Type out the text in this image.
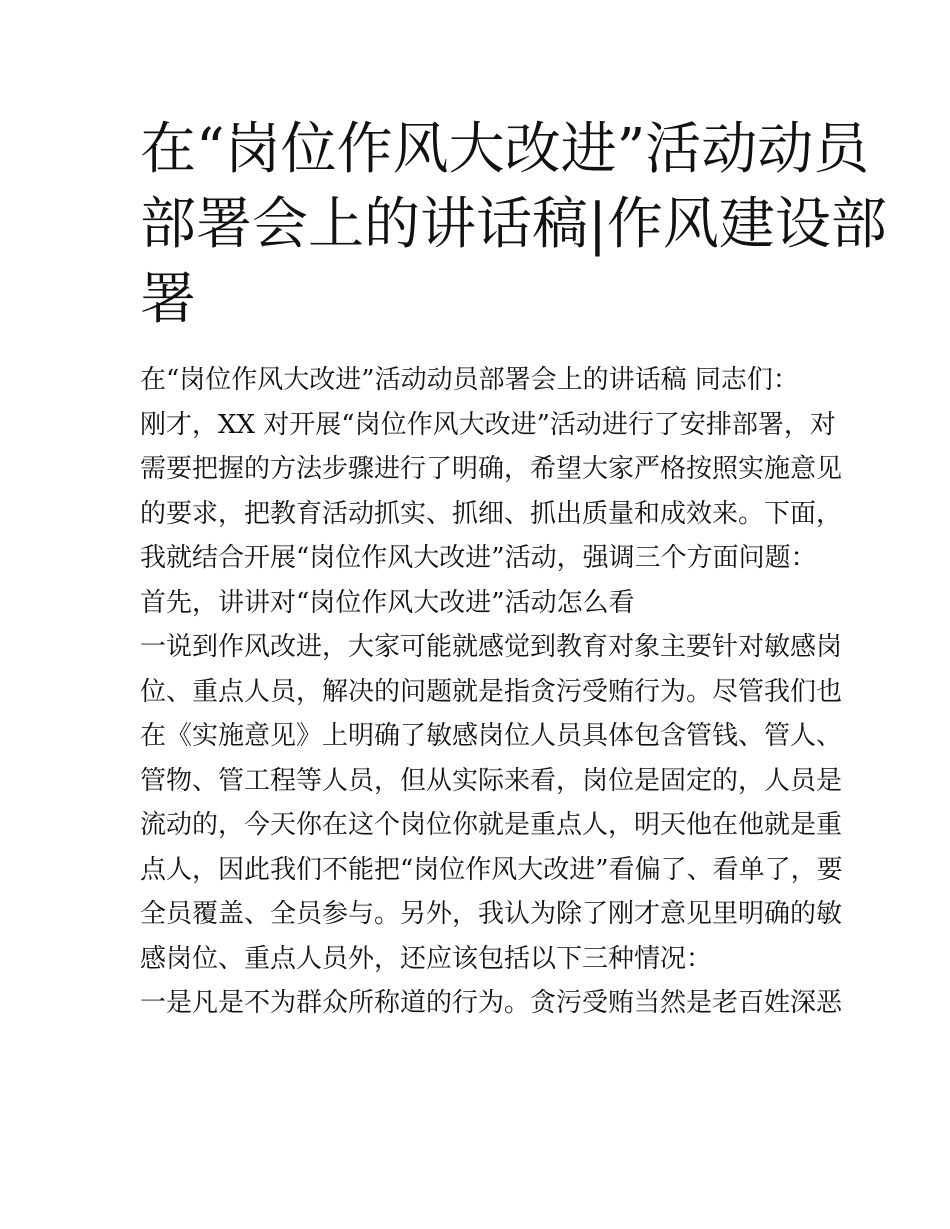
在“岗位作风大改进”活动动员
部署会上的讲话稿|作风建设部
署
在“岗位作风大改进”活动动员部署会上的讲话稿 同志们：
刚才，XX 对开展“岗位作风大改进”活动进行了安排部署，对
需要把握的方法步骤进行了明确，希望大家严格按照实施意见
的要求，把教育活动抓实、抓细、抓出质量和成效来。下面，
我就结合开展“岗位作风大改进”活动，强调三个方面问题：
首先，讲讲对“岗位作风大改进”活动怎么看
一说到作风改进，大家可能就感觉到教育对象主要针对敏感岗
位、重点人员，解决的问题就是指贪污受贿行为。尽管我们也
在《实施意见》上明确了敏感岗位人员具体包含管钱、管人、
管物、管工程等人员，但从实际来看，岗位是固定的，人员是
流动的，今天你在这个岗位你就是重点人，明天他在他就是重
点人，因此我们不能把“岗位作风大改进”看偏了、看单了，要
全员覆盖、全员参与。另外，我认为除了刚才意见里明确的敏
感岗位、重点人员外，还应该包括以下三种情况：
一是凡是不为群众所称道的行为。贪污受贿当然是老百姓深恶
